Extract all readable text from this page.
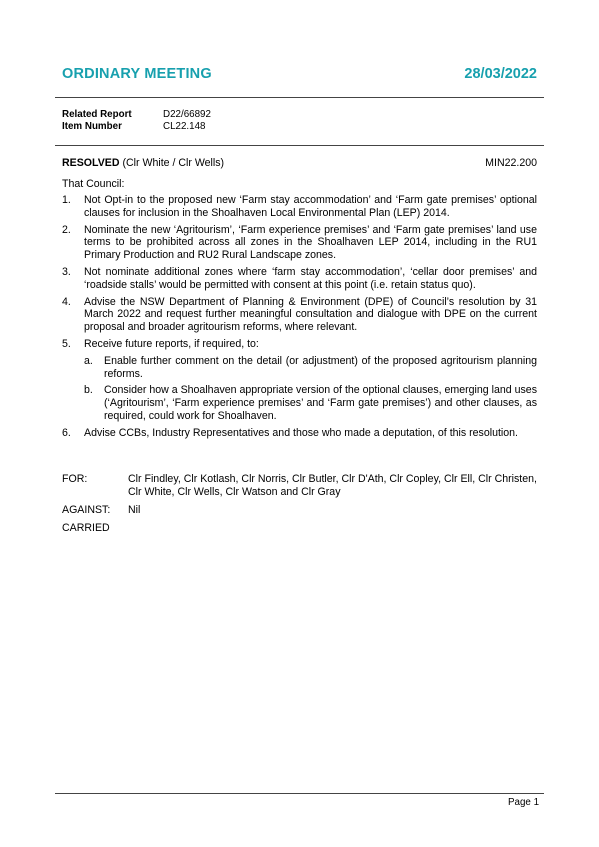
ORDINARY MEETING	28/03/2022
Related Report	D22/66892
Item Number	CL22.148
RESOLVED (Clr White / Clr Wells)	MIN22.200
That Council:
1. Not Opt-in to the proposed new ‘Farm stay accommodation’ and ‘Farm gate premises’ optional clauses for inclusion in the Shoalhaven Local Environmental Plan (LEP) 2014.
2. Nominate the new ‘Agritourism’, ‘Farm experience premises’ and ‘Farm gate premises’ land use terms to be prohibited across all zones in the Shoalhaven LEP 2014, including in the RU1 Primary Production and RU2 Rural Landscape zones.
3. Not nominate additional zones where ‘farm stay accommodation’, ‘cellar door premises’ and ‘roadside stalls’ would be permitted with consent at this point (i.e. retain status quo).
4. Advise the NSW Department of Planning & Environment (DPE) of Council’s resolution by 31 March 2022 and request further meaningful consultation and dialogue with DPE on the current proposal and broader agritourism reforms, where relevant.
5. Receive future reports, if required, to:
a. Enable further comment on the detail (or adjustment) of the proposed agritourism planning reforms.
b. Consider how a Shoalhaven appropriate version of the optional clauses, emerging land uses (‘Agritourism’, ‘Farm experience premises’ and ‘Farm gate premises’) and other clauses, as required, could work for Shoalhaven.
6. Advise CCBs, Industry Representatives and those who made a deputation, of this resolution.
FOR:	Clr Findley, Clr Kotlash, Clr Norris, Clr Butler, Clr D'Ath, Clr Copley, Clr Ell, Clr Christen, Clr White, Clr Wells, Clr Watson and Clr Gray
AGAINST: Nil
CARRIED
Page 1
